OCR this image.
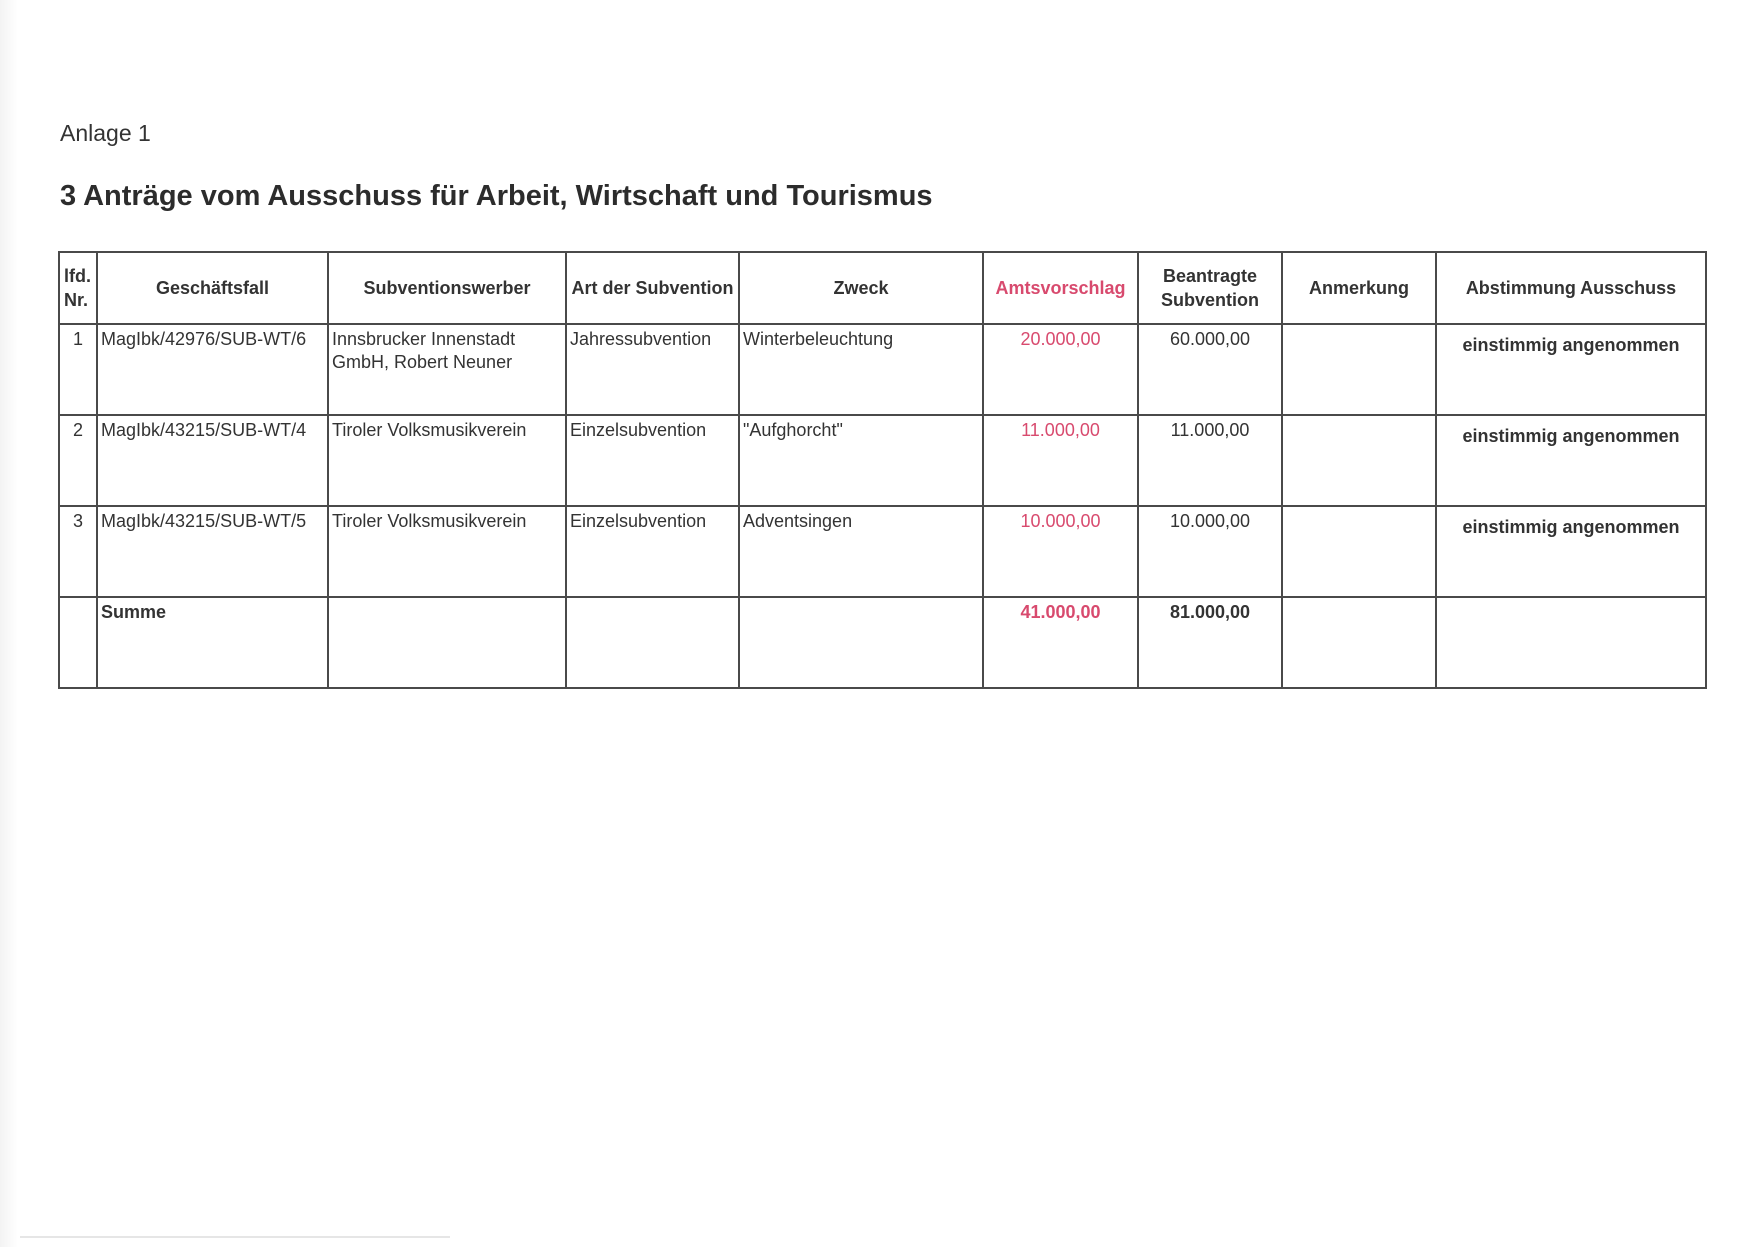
Anlage 1
3 Anträge vom Ausschuss für Arbeit, Wirtschaft und Tourismus
lfd. Nr.	Geschäftsfall	Subventionswerber	Art der Subvention	Zweck	Amtsvorschlag	Beantragte Subvention	Anmerkung	Abstimmung Ausschuss
1	MagIbk/42976/SUB-WT/6	Innsbrucker Innenstadt GmbH, Robert Neuner	Jahressubvention	Winterbeleuchtung	20.000,00	60.000,00		einstimmig angenommen
2	MagIbk/43215/SUB-WT/4	Tiroler Volksmusikverein	Einzelsubvention	"Aufghorcht"	11.000,00	11.000,00		einstimmig angenommen
3	MagIbk/43215/SUB-WT/5	Tiroler Volksmusikverein	Einzelsubvention	Adventsingen	10.000,00	10.000,00		einstimmig angenommen
	Summe				41.000,00	81.000,00		
